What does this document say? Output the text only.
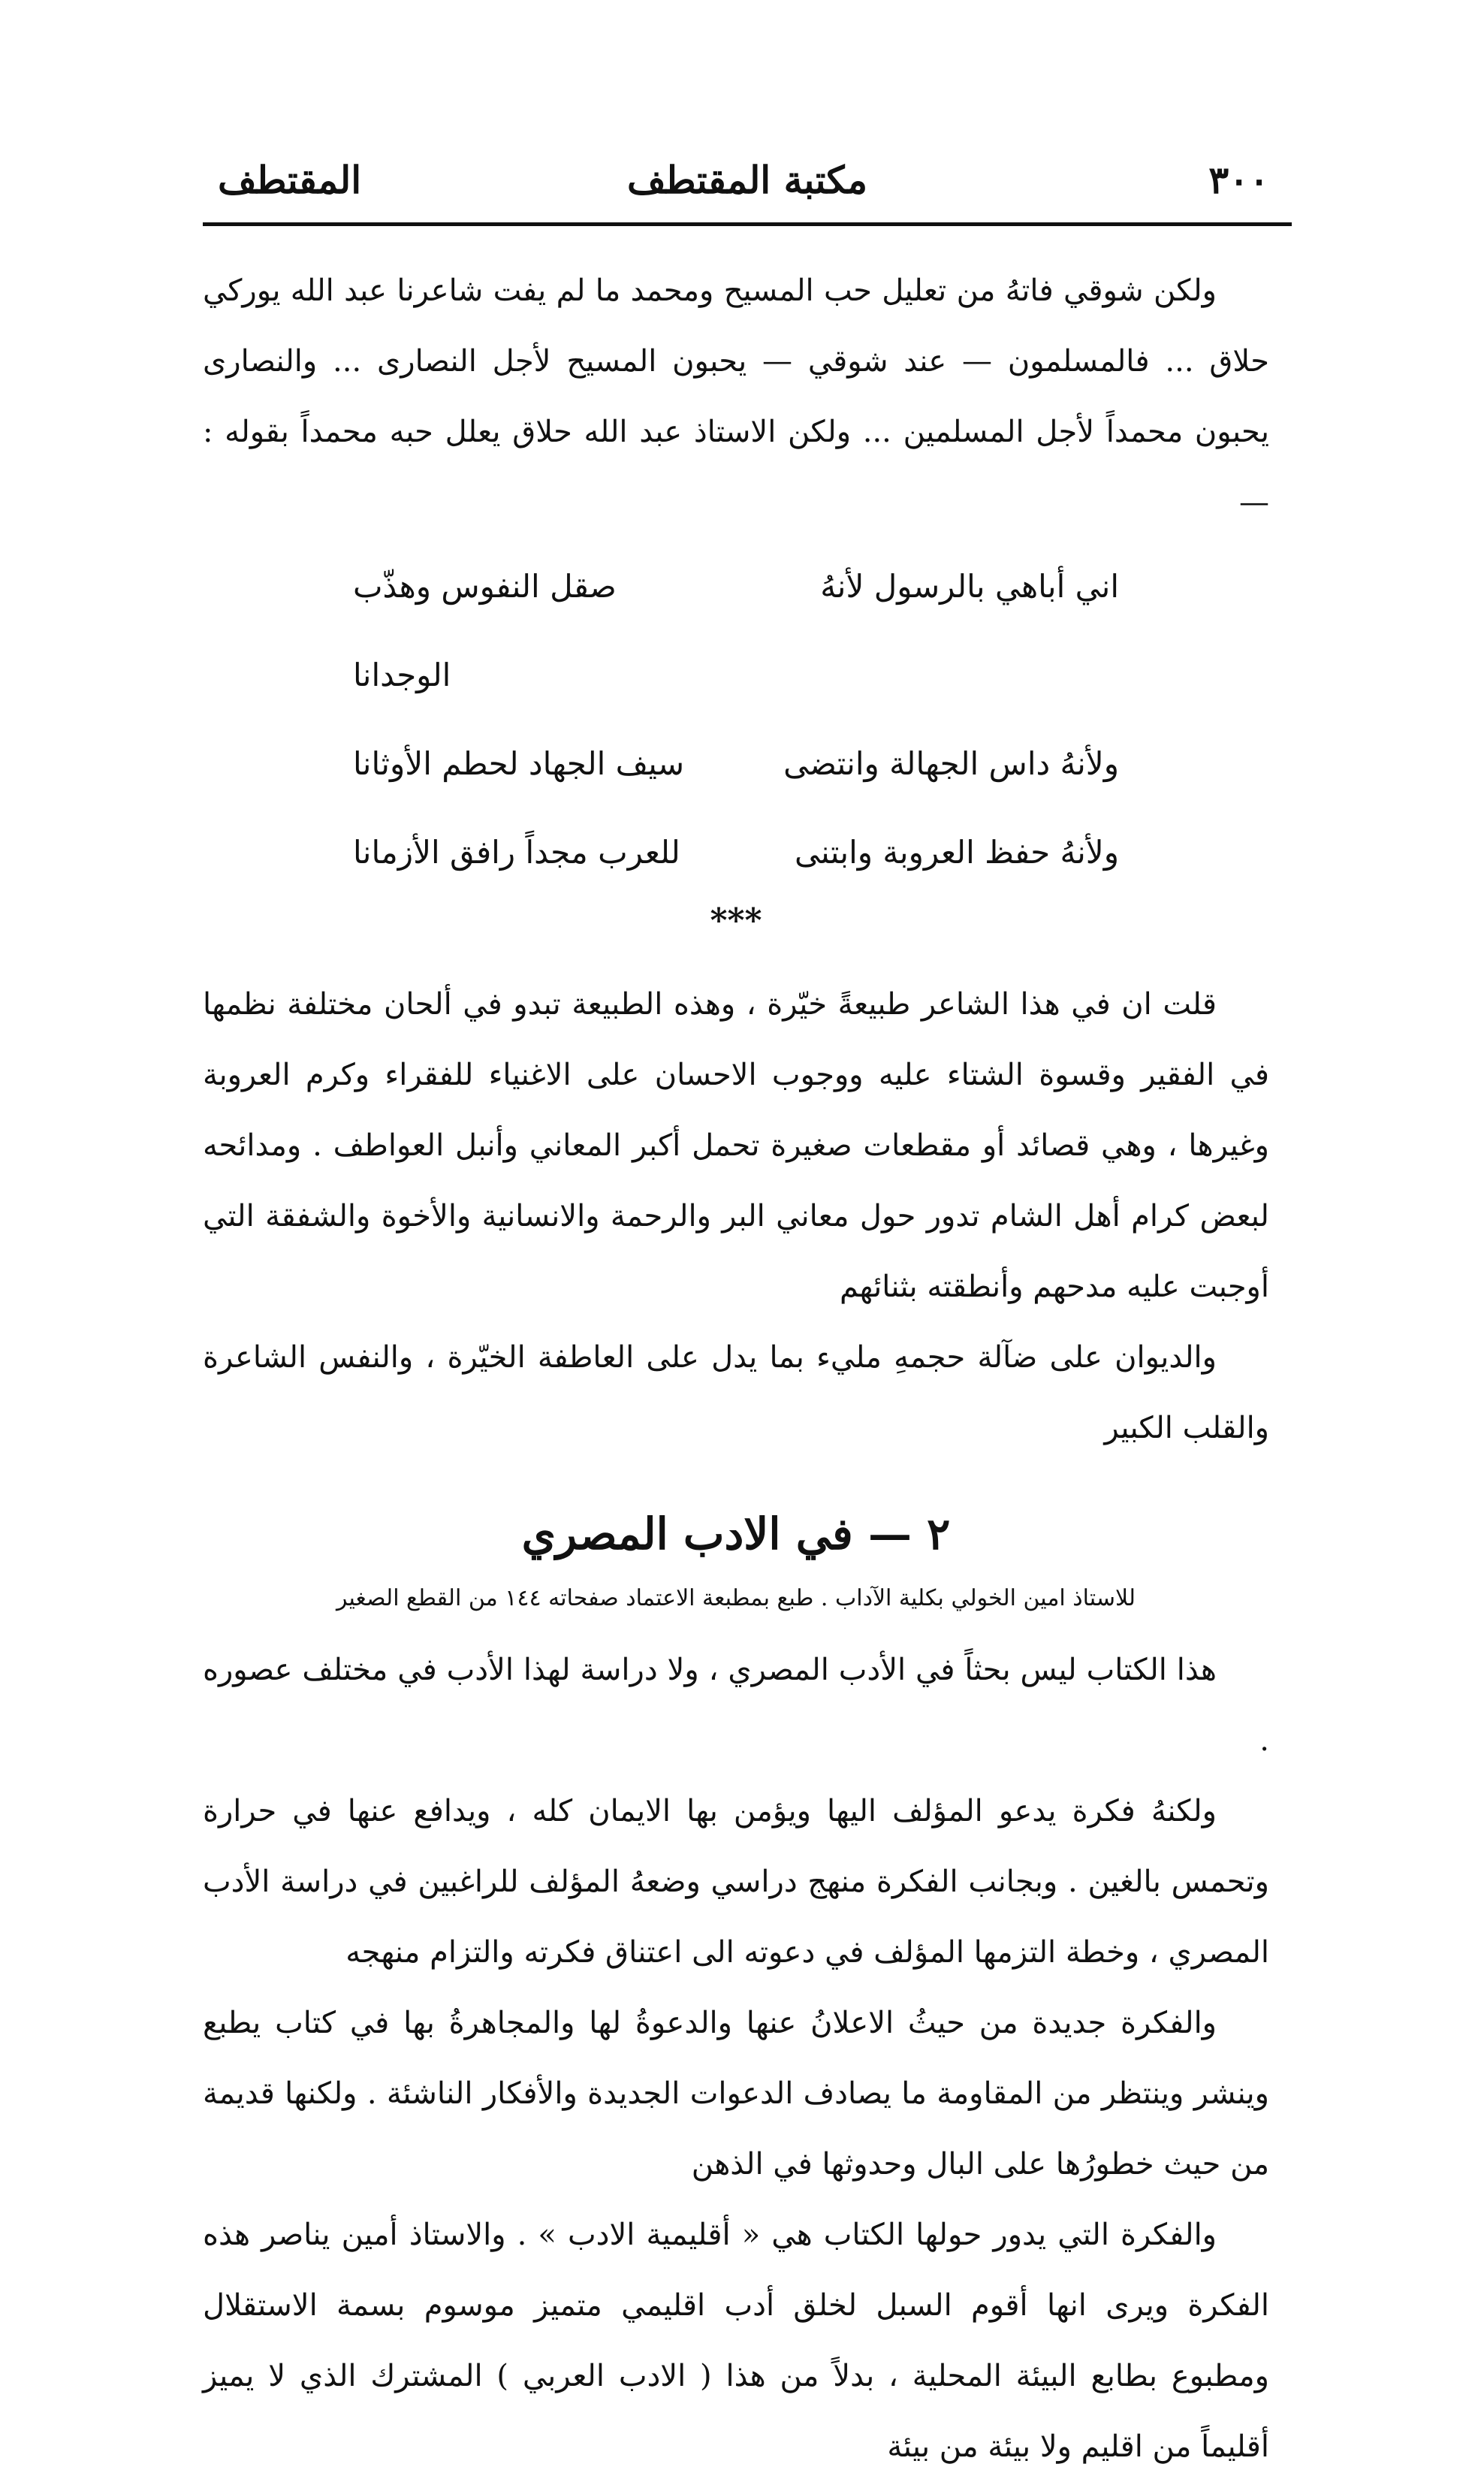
٣٠٠
مكتبة المقتطف
المقتطف

ولكن شوقي فاتهُ من تعليل حب المسيح ومحمد ما لم يفت شاعرنا عبد الله يوركي حلاق ... فالمسلمون — عند شوقي — يحبون المسيح لأجل النصارى ... والنصارى يحبون محمداً لأجل المسلمين ... ولكن الاستاذ عبد الله حلاق يعلل حبه محمداً بقوله : —

اني أباهي بالرسول لأنهُ
صقل النفوس وهذّب الوجدانا
ولأنهُ داس الجهالة وانتضى
سيف الجهاد لحطم الأوثانا
ولأنهُ حفظ العروبة وابتنى
للعرب مجداً رافق الأزمانا
***

قلت ان في هذا الشاعر طبيعةً خيّرة ، وهذه الطبيعة تبدو في ألحان مختلفة نظمها في الفقير وقسوة الشتاء عليه ووجوب الاحسان على الاغنياء للفقراء وكرم العروبة وغيرها ، وهي قصائد أو مقطعات صغيرة تحمل أكبر المعاني وأنبل العواطف . ومدائحه لبعض كرام أهل الشام تدور حول معاني البر والرحمة والانسانية والأخوة والشفقة التي أوجبت عليه مدحهم وأنطقته بثنائهم

والديوان على ضآلة حجمهِ مليء بما يدل على العاطفة الخيّرة ، والنفس الشاعرة والقلب الكبير

٢ — في الادب المصري
للاستاذ امين الخولي بكلية الآداب . طبع بمطبعة الاعتماد صفحاته ١٤٤ من القطع الصغير

هذا الكتاب ليس بحثاً في الأدب المصري ، ولا دراسة لهذا الأدب في مختلف عصوره .

ولكنهُ فكرة يدعو المؤلف اليها ويؤمن بها الايمان كله ، ويدافع عنها في حرارة وتحمس بالغين . وبجانب الفكرة منهج دراسي وضعهُ المؤلف للراغبين في دراسة الأدب المصري ، وخطة التزمها المؤلف في دعوته الى اعتناق فكرته والتزام منهجه

والفكرة جديدة من حيثُ الاعلانُ عنها والدعوةُ لها والمجاهرةُ بها في كتاب يطبع وينشر وينتظر من المقاومة ما يصادف الدعوات الجديدة والأفكار الناشئة . ولكنها قديمة من حيث خطورُها على البال وحدوثها في الذهن

والفكرة التي يدور حولها الكتاب هي « أقليمية الادب » . والاستاذ أمين يناصر هذه الفكرة ويرى انها أقوم السبل لخلق أدب اقليمي متميز موسوم بسمة الاستقلال ومطبوع بطابع البيئة المحلية ، بدلاً من هذا ( الادب العربي ) المشترك الذي لا يميز أقليماً من اقليم ولا بيئة من بيئة
